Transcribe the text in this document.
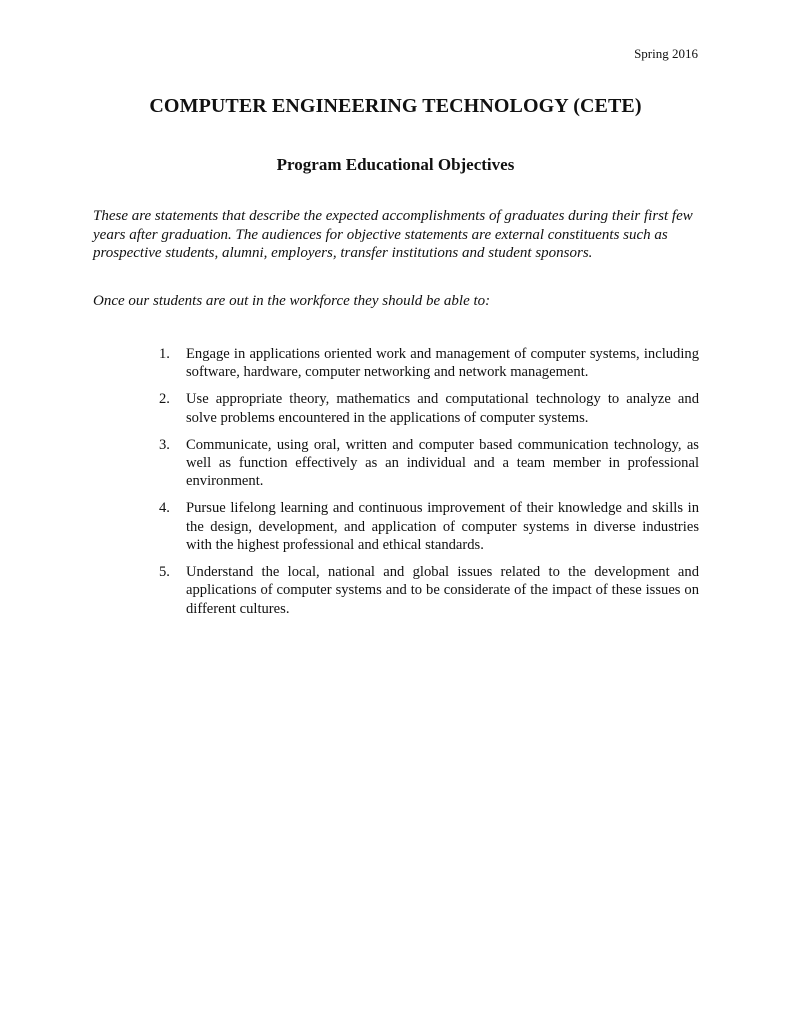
Spring 2016
COMPUTER ENGINEERING TECHNOLOGY (CETE)
Program Educational Objectives

These are statements that describe the expected accomplishments of graduates during their first few years after graduation. The audiences for objective statements are external constituents such as prospective students, alumni, employers, transfer institutions and student sponsors.

Once our students are out in the workforce they should be able to:

1. Engage in applications oriented work and management of computer systems, including software, hardware, computer networking and network management.
2. Use appropriate theory, mathematics and computational technology to analyze and solve problems encountered in the applications of computer systems.
3. Communicate, using oral, written and computer based communication technology, as well as function effectively as an individual and a team member in professional environment.
4. Pursue lifelong learning and continuous improvement of their knowledge and skills in the design, development, and application of computer systems in diverse industries with the highest professional and ethical standards.
5. Understand the local, national and global issues related to the development and applications of computer systems and to be considerate of the impact of these issues on different cultures.
